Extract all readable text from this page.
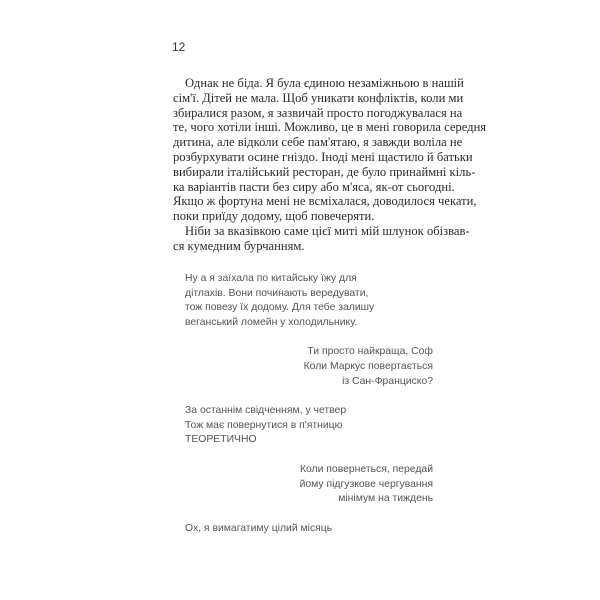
12
Однак не біда. Я була єдиною незаміжньою в нашій
сім'ї. Дітей не мала. Щоб уникати конфліктів, коли ми
збиралися разом, я зазвичай просто погоджувалася на
те, чого хотіли інші. Можливо, це в мені говорила середня
дитина, але відколи себе пам'ятаю, я завжди воліла не
розбурхувати осине гніздо. Іноді мені щастило й батьки
вибирали італійський ресторан, де було принаймні кіль-
ка варіантів пасти без сиру або м'яса, як-от сьогодні.
Якщо ж фортуна мені не всміхалася, доводилося чекати,
поки приїду додому, щоб повечеряти.
Ніби за вказівкою саме цієї миті мій шлунок обізвав-
ся кумедним бурчанням.
Ну а я заїхала по китайську їжу для
дітлахів. Вони починають вередувати,
тож повезу їх додому. Для тебе залишу
веганський ломейн у холодильнику.
Ти просто найкраща, Соф
Коли Маркус повертається
із Сан-Франциско?
За останнім свідченням, у четвер
Тож має повернутися в п'ятницю
ТЕОРЕТИЧНО
Коли повернеться, передай
йому підгузкове чергування
мінімум на тиждень
Ох, я вимагатиму цілий місяць
